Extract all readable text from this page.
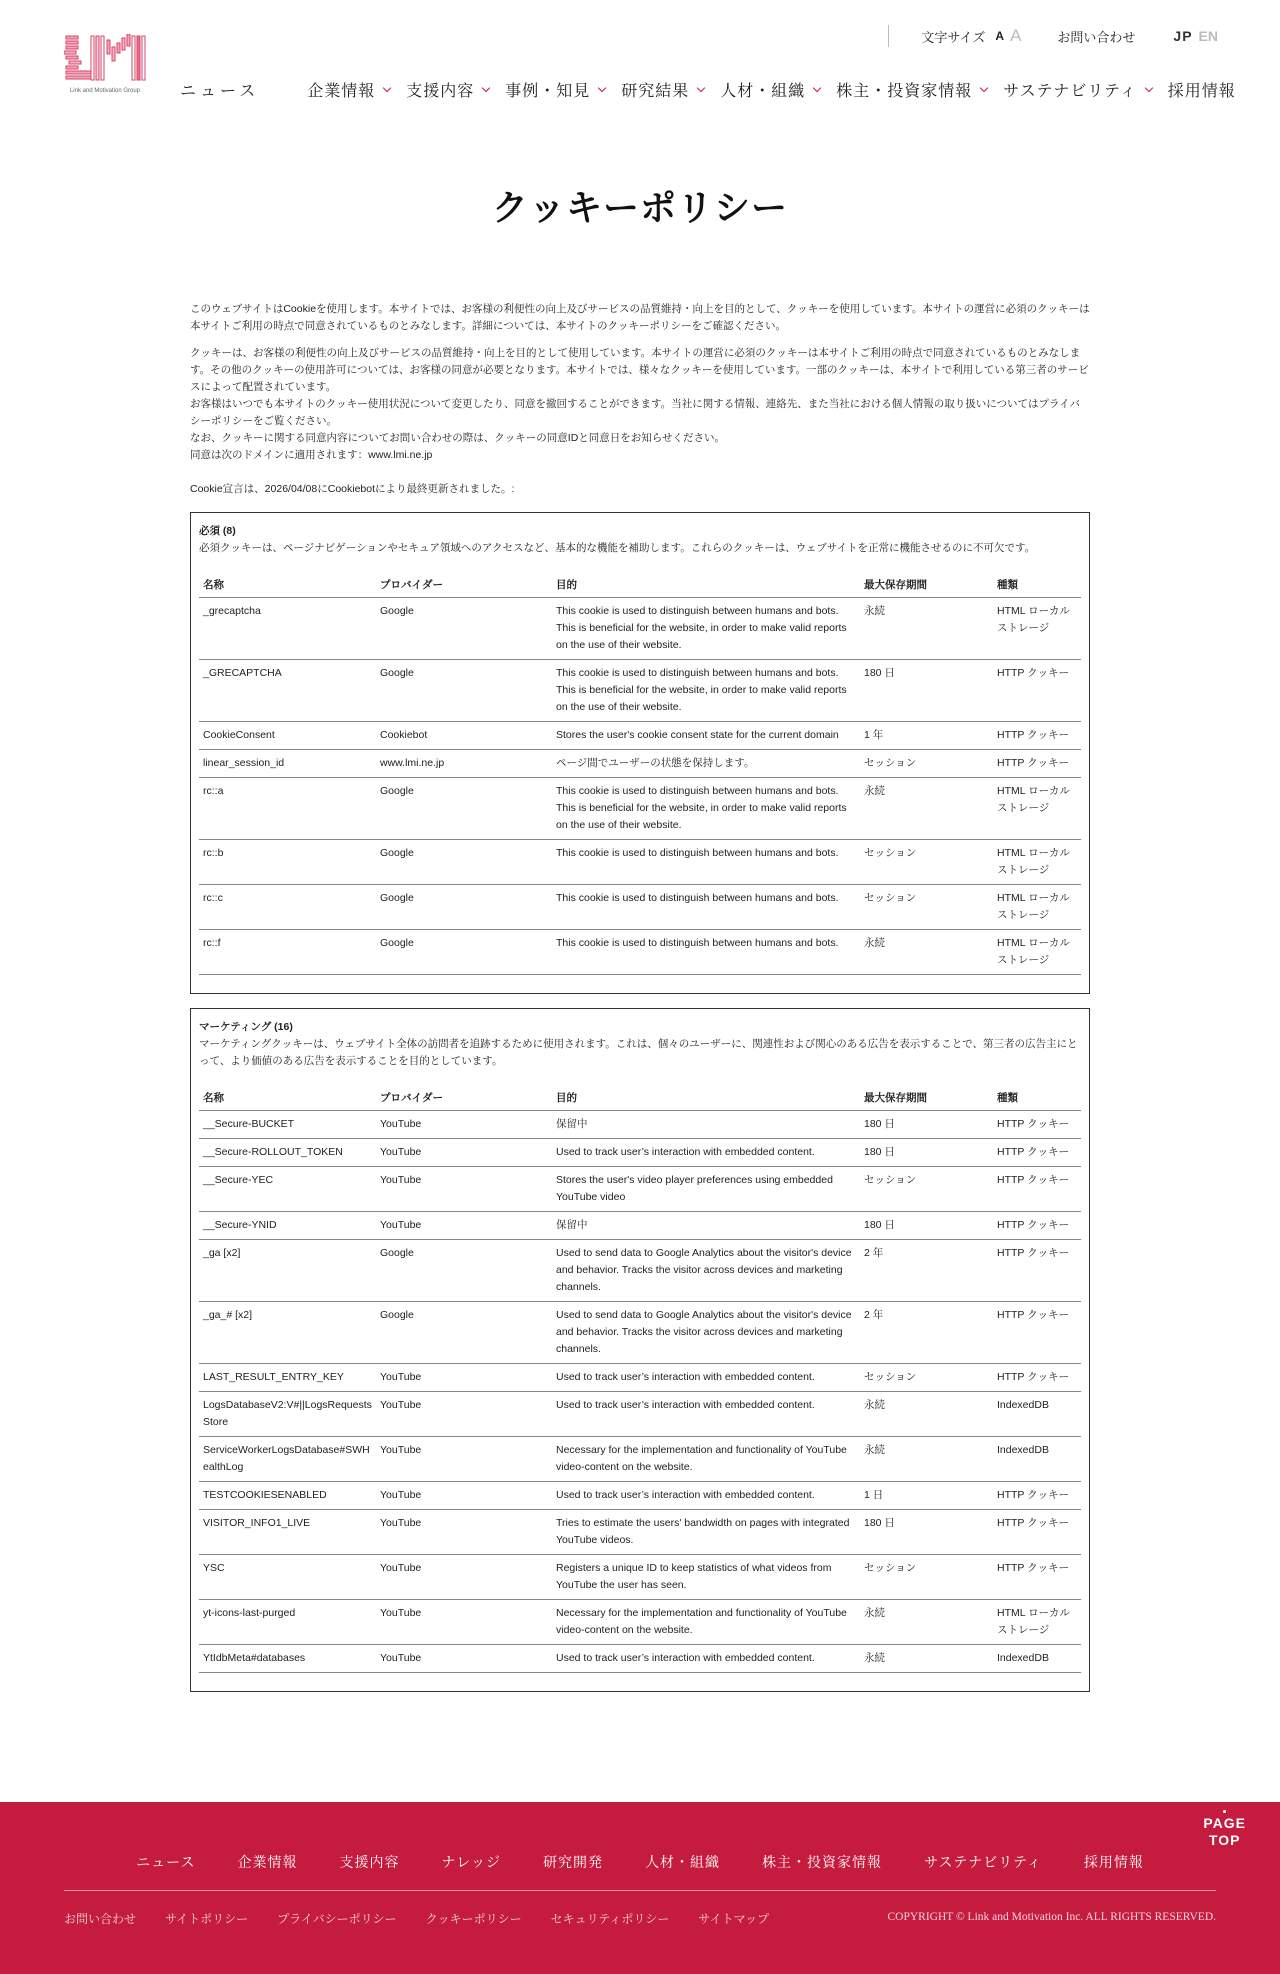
Link and Motivation Group
文字サイズ A A	お問い合わせ	JP EN
ニュース	企業情報 支援内容 事例・知見 研究結果 人材・組織 株主・投資家情報 サステナビリティ 採用情報
クッキーポリシー

このウェブサイトはCookieを使用します。本サイトでは、お客様の利便性の向上及びサービスの品質維持・向上を目的として、クッキーを使用しています。本サイトの運営に必須のクッキーは本サイトご利用の時点で同意されているものとみなします。詳細については、本サイトのクッキーポリシーをご確認ください。

クッキーは、お客様の利便性の向上及びサービスの品質維持・向上を目的として使用しています。本サイトの運営に必須のクッキーは本サイトご利用の時点で同意されているものとみなします。その他のクッキーの使用許可については、お客様の同意が必要となります。本サイトでは、様々なクッキーを使用しています。一部のクッキーは、本サイトで利用している第三者のサービスによって配置されています。

お客様はいつでも本サイトのクッキー使用状況について変更したり、同意を撤回することができます。当社に関する情報、連絡先、また当社における個人情報の取り扱いについてはプライバシーポリシーをご覧ください。

なお、クッキーに関する同意内容についてお問い合わせの際は、クッキーの同意IDと同意日をお知らせください。

同意は次のドメインに適用されます：www.lmi.ne.jp

Cookie宣言は、2026/04/08にCookiebotにより最終更新されました。:

必須 (8)
必須クッキーは、ページナビゲーションやセキュア領域へのアクセスなど、基本的な機能を補助します。これらのクッキーは、ウェブサイトを正常に機能させるのに不可欠です。
名称	プロバイダー	目的	最大保存期間	種類
_grecaptcha	Google	This cookie is used to distinguish between humans and bots. This is beneficial for the website, in order to make valid reports on the use of their website.	永続	HTML ローカルストレージ
_GRECAPTCHA	Google	This cookie is used to distinguish between humans and bots. This is beneficial for the website, in order to make valid reports on the use of their website.	180 日	HTTP クッキー
CookieConsent	Cookiebot	Stores the user's cookie consent state for the current domain	1 年	HTTP クッキー
linear_session_id	www.lmi.ne.jp	ページ間でユーザーの状態を保持します。	セッション	HTTP クッキー
rc::a	Google	This cookie is used to distinguish between humans and bots. This is beneficial for the website, in order to make valid reports on the use of their website.	永続	HTML ローカルストレージ
rc::b	Google	This cookie is used to distinguish between humans and bots.	セッション	HTML ローカルストレージ
rc::c	Google	This cookie is used to distinguish between humans and bots.	セッション	HTML ローカルストレージ
rc::f	Google	This cookie is used to distinguish between humans and bots.	永続	HTML ローカルストレージ
マーケティング (16)
マーケティングクッキーは、ウェブサイト全体の訪問者を追跡するために使用されます。これは、個々のユーザーに、関連性および関心のある広告を表示することで、第三者の広告主にとって、より価値のある広告を表示することを目的としています。
名称	プロバイダー	目的	最大保存期間	種類
__Secure-BUCKET	YouTube	保留中	180 日	HTTP クッキー
__Secure-ROLLOUT_TOKEN	YouTube	Used to track user’s interaction with embedded content.	180 日	HTTP クッキー
__Secure-YEC	YouTube	Stores the user's video player preferences using embedded YouTube video	セッション	HTTP クッキー
__Secure-YNID	YouTube	保留中	180 日	HTTP クッキー
_ga [x2]	Google	Used to send data to Google Analytics about the visitor's device and behavior. Tracks the visitor across devices and marketing channels.	2 年	HTTP クッキー
_ga_# [x2]	Google	Used to send data to Google Analytics about the visitor's device and behavior. Tracks the visitor across devices and marketing channels.	2 年	HTTP クッキー
LAST_RESULT_ENTRY_KEY	YouTube	Used to track user’s interaction with embedded content.	セッション	HTTP クッキー
LogsDatabaseV2:V#||LogsRequestsStore	YouTube	Used to track user’s interaction with embedded content.	永続	IndexedDB
ServiceWorkerLogsDatabase#SWHealthLog	YouTube	Necessary for the implementation and functionality of YouTube video-content on the website.	永続	IndexedDB
TESTCOOKIESENABLED	YouTube	Used to track user’s interaction with embedded content.	1 日	HTTP クッキー
VISITOR_INFO1_LIVE	YouTube	Tries to estimate the users' bandwidth on pages with integrated YouTube videos.	180 日	HTTP クッキー
YSC	YouTube	Registers a unique ID to keep statistics of what videos from YouTube the user has seen.	セッション	HTTP クッキー
yt-icons-last-purged	YouTube	Necessary for the implementation and functionality of YouTube video-content on the website.	永続	HTML ローカルストレージ
YtIdbMeta#databases	YouTube	Used to track user’s interaction with embedded content.	永続	IndexedDB
PAGE
TOP
ニュース	企業情報	支援内容	ナレッジ	研究開発	人材・組織	株主・投資家情報	サステナビリティ	採用情報
お問い合わせ サイトポリシー プライバシーポリシー クッキーポリシー セキュリティポリシー サイトマップ	COPYRIGHT © Link and Motivation Inc. ALL RIGHTS RESERVED.
